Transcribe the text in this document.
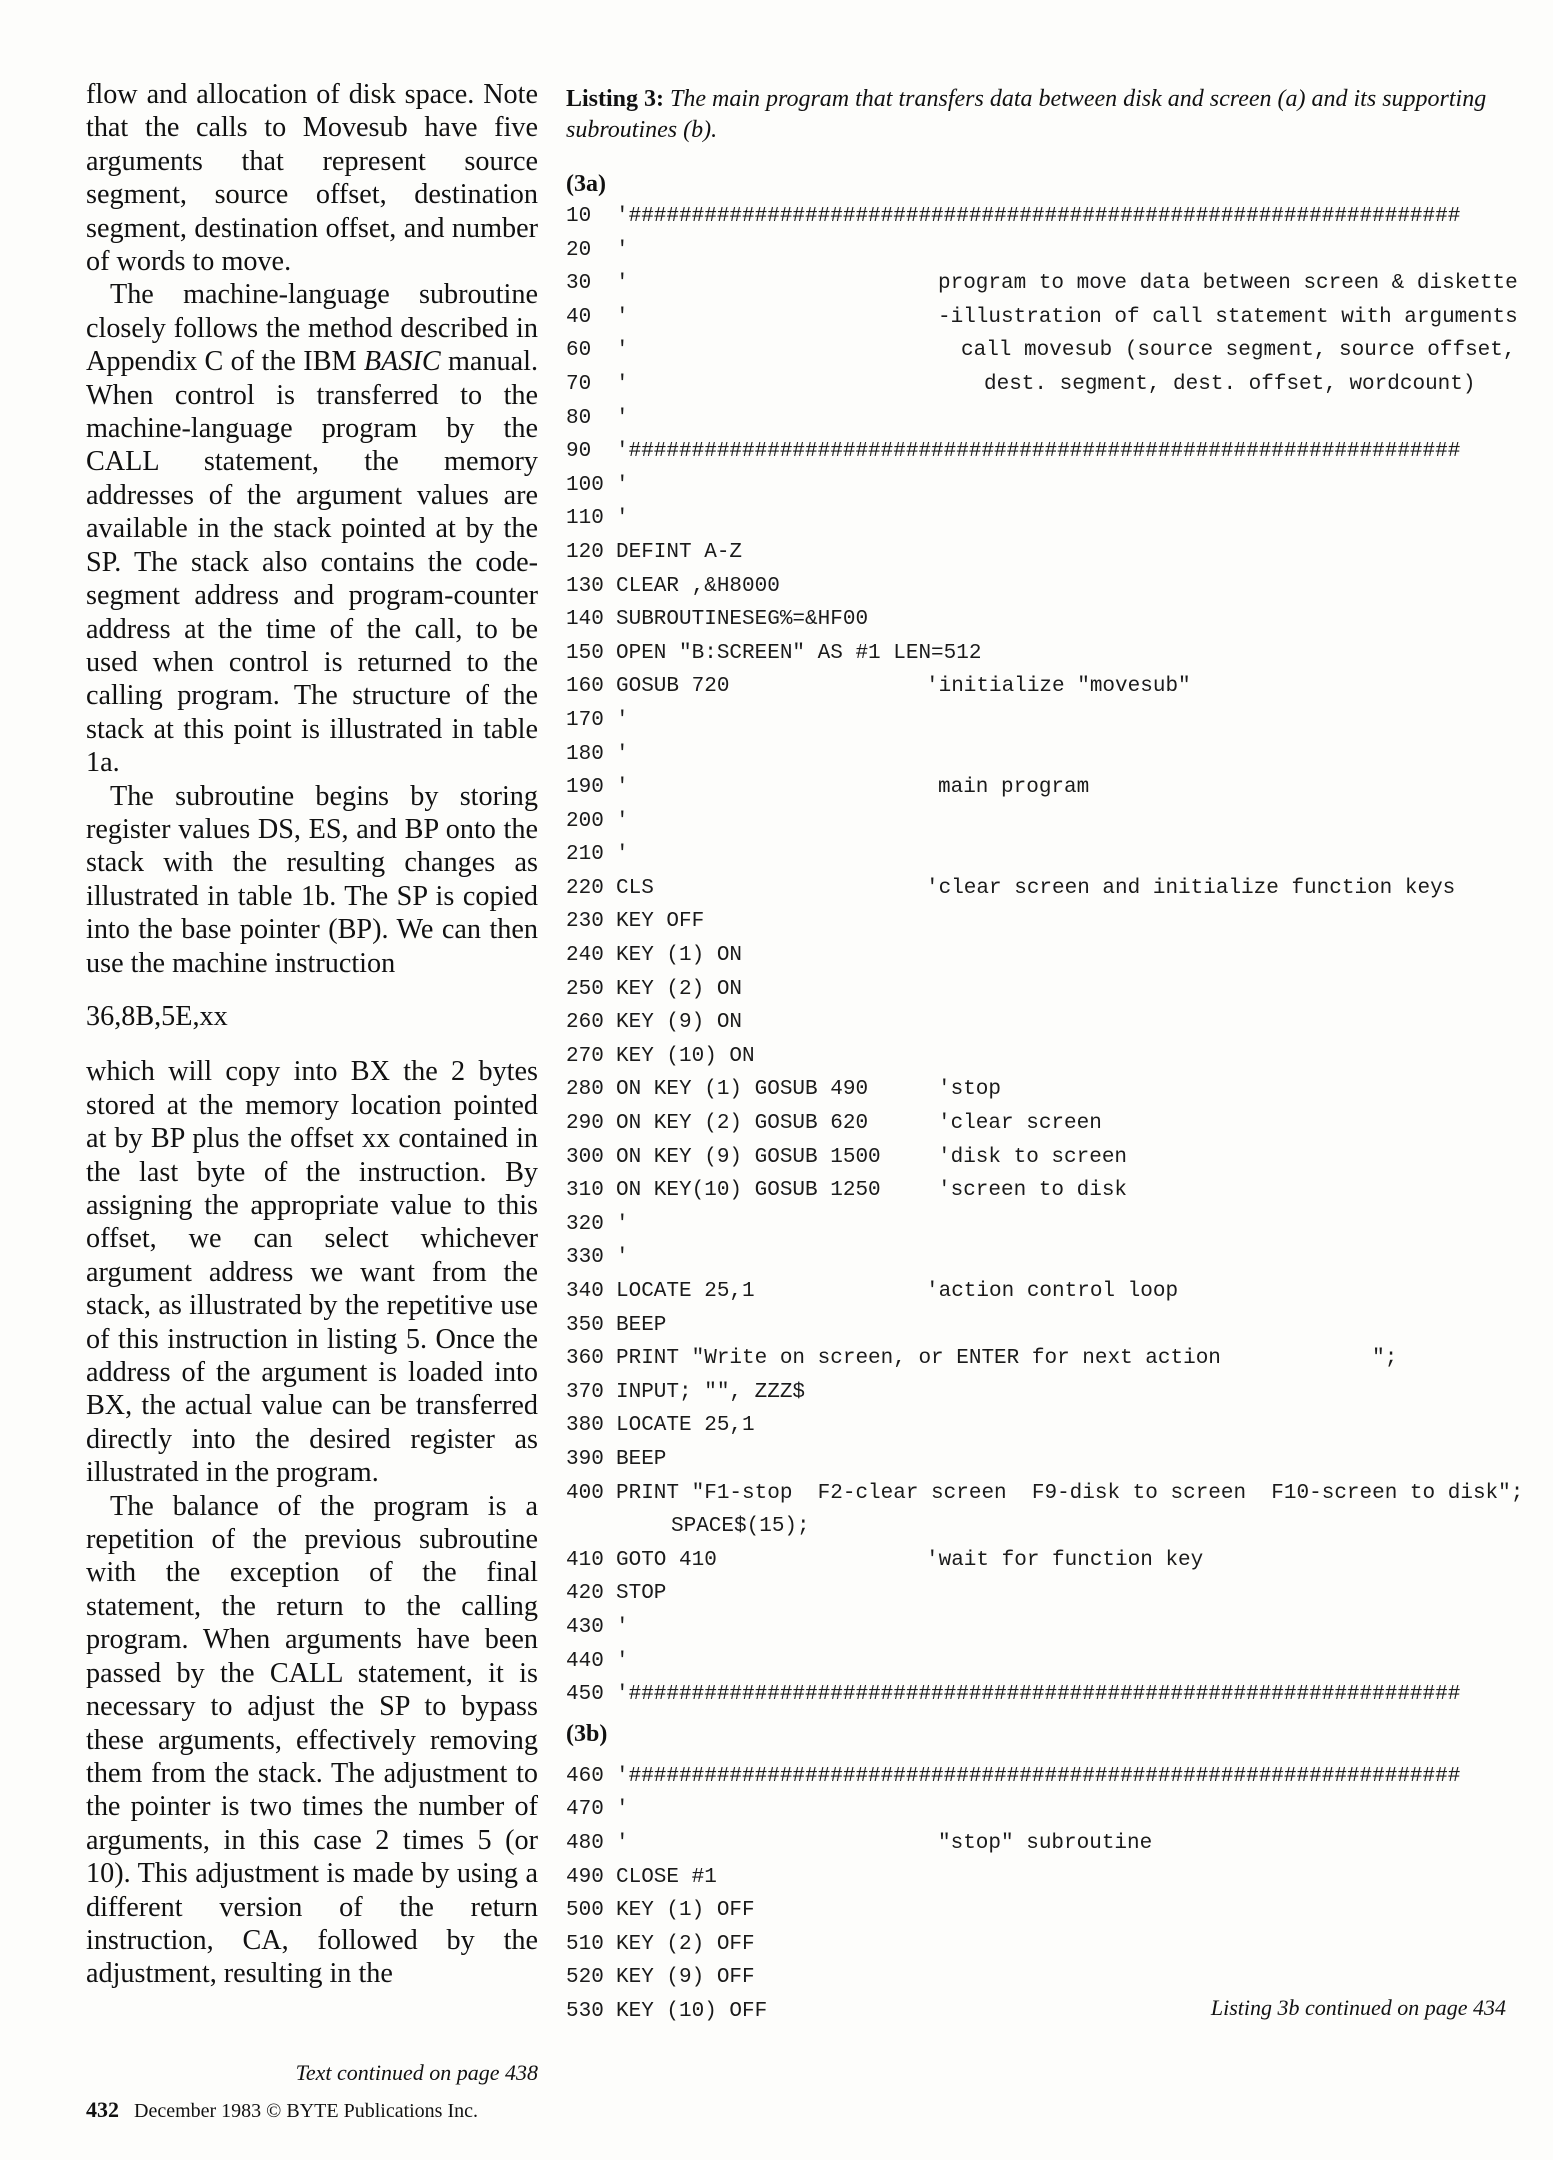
flow and allocation of disk space. Note that the calls to Movesub have five arguments that represent source segment, source offset, destination segment, destination offset, and number of words to move.

The machine-language subroutine closely follows the method described in Appendix C of the IBM BASIC manual. When control is transferred to the machine-language program by the CALL statement, the memory addresses of the argument values are available in the stack pointed at by the SP. The stack also contains the code-segment address and program-counter address at the time of the call, to be used when control is returned to the calling program. The structure of the stack at this point is illustrated in table 1a.

The subroutine begins by storing register values DS, ES, and BP onto the stack with the resulting changes as illustrated in table 1b. The SP is copied into the base pointer (BP). We can then use the machine instruction

36,8B,5E,xx

which will copy into BX the 2 bytes stored at the memory location pointed at by BP plus the offset xx contained in the last byte of the instruction. By assigning the appropriate value to this offset, we can select whichever argument address we want from the stack, as illustrated by the repetitive use of this instruction in listing 5. Once the address of the argument is loaded into BX, the actual value can be transferred directly into the desired register as illustrated in the program.

The balance of the program is a repetition of the previous subroutine with the exception of the final statement, the return to the calling program. When arguments have been passed by the CALL statement, it is necessary to adjust the SP to bypass these arguments, effectively removing them from the stack. The adjustment to the pointer is two times the number of arguments, in this case 2 times 5 (or 10). This adjustment is made by using a different version of the return instruction, CA, followed by the adjustment, resulting in the

Text continued on page 438
432 December 1983 © BYTE Publications Inc.
Listing 3: The main program that transfers data between disk and screen (a) and its supporting subroutines (b).
(3a)
10 '##################################################################
20 '
30 '	program to move data between screen & diskette
40 '	-illustration of call statement with arguments
60 '	call movesub (source segment, source offset,
70 '	dest. segment, dest. offset, wordcount)
80 '
90 '##################################################################
100 '
110 '
120 DEFINT A-Z
130 CLEAR ,&H8000
140 SUBROUTINESEG%=&HF00
150 OPEN "B:SCREEN" AS #1 LEN=512
160 GOSUB 720	'initialize "movesub"
170 '
180 '
190 '	main program
200 '
210 '
220 CLS	'clear screen and initialize function keys
230 KEY OFF
240 KEY (1) ON
250 KEY (2) ON
260 KEY (9) ON
270 KEY (10) ON
280 ON KEY (1) GOSUB 490	'stop
290 ON KEY (2) GOSUB 620	'clear screen
300 ON KEY (9) GOSUB 1500	'disk to screen
310 ON KEY(10) GOSUB 1250	'screen to disk
320 '
330 '
340 LOCATE 25,1	'action control loop
350 BEEP
360 PRINT "Write on screen, or ENTER for next action            ";
370 INPUT; "", ZZZ$
380 LOCATE 25,1
390 BEEP
400 PRINT "F1-stop  F2-clear screen  F9-disk to screen  F10-screen to disk";
SPACE$(15);
410 GOTO 410	'wait for function key
420 STOP
430 '
440 '
450 '##################################################################
(3b)
460 '##################################################################
470 '
480 '	"stop" subroutine
490 CLOSE #1
500 KEY (1) OFF
510 KEY (2) OFF
520 KEY (9) OFF
530 KEY (10) OFF	Listing 3b continued on page 434
